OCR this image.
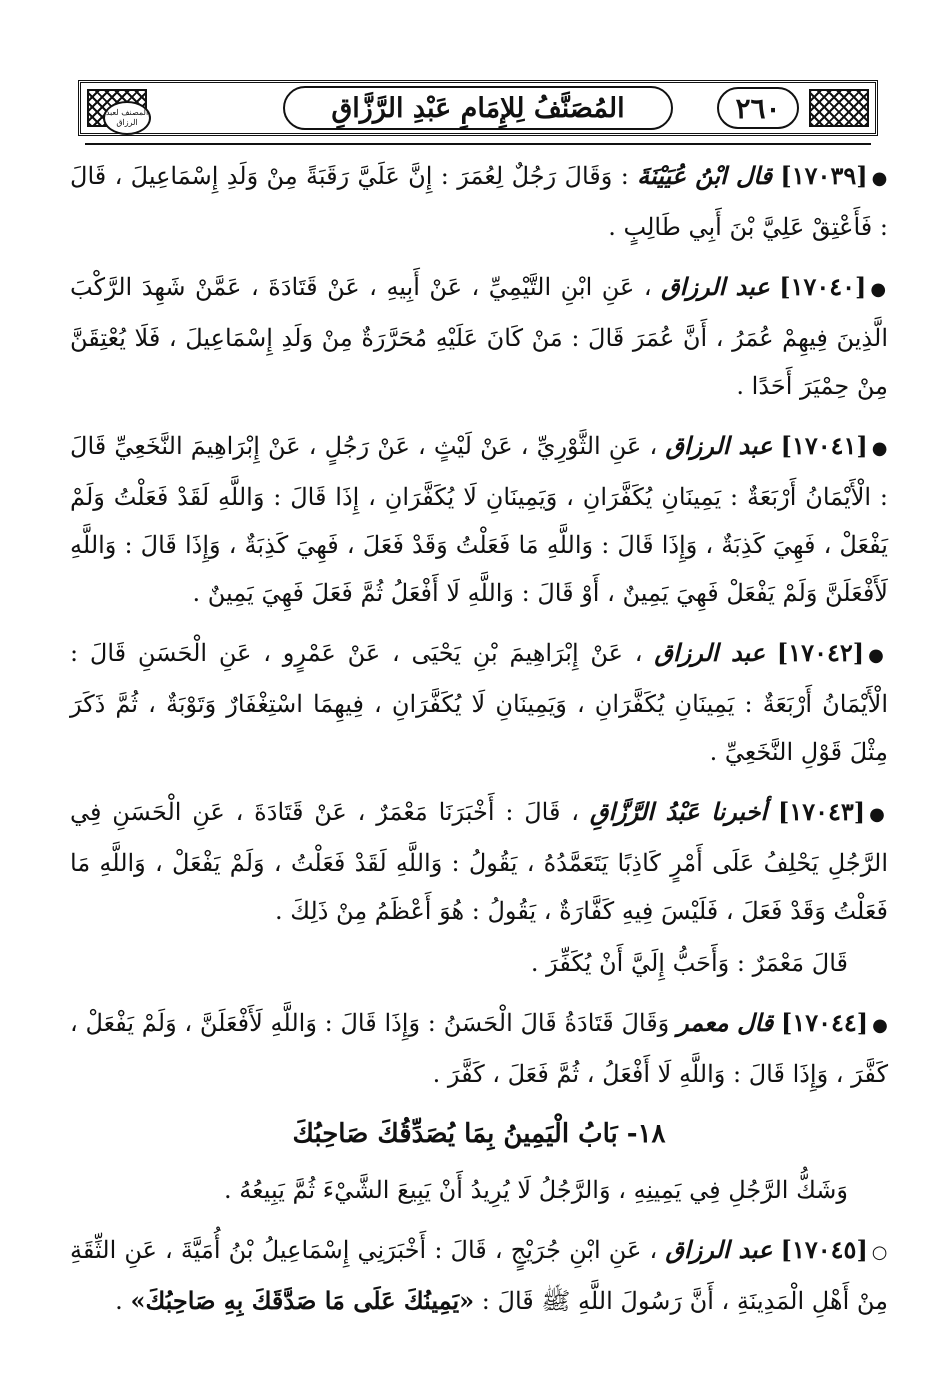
المصنف لعبد الرزاق	المُصَنَّفُ لِلإِمَامِ عَبْدِ الرَّزَّاقِ	٢٦٠

●[١٧٠٣٩] قال ابْنُ عُيَيْنَةَ : وَقَالَ رَجُلٌ لِعُمَرَ : إِنَّ عَلَيَّ رَقَبَةً مِنْ وَلَدِ إِسْمَاعِيلَ ، قَالَ : فَأَعْتِقْ عَلِيَّ بْنَ أَبِي طَالِبٍ .

●[١٧٠٤٠] عبد الرزاق ، عَنِ ابْنِ التَّيْمِيِّ ، عَنْ أَبِيهِ ، عَنْ قَتَادَةَ ، عَمَّنْ شَهِدَ الرَّكْبَ الَّذِينَ فِيهِمْ عُمَرُ ، أَنَّ عُمَرَ قَالَ : مَنْ كَانَ عَلَيْهِ مُحَرَّرَةٌ مِنْ وَلَدِ إِسْمَاعِيلَ ، فَلَا يُعْتِقَنَّ مِنْ حِمْيَرَ أَحَدًا .

●[١٧٠٤١] عبد الرزاق ، عَنِ الثَّوْرِيِّ ، عَنْ لَيْثٍ ، عَنْ رَجُلٍ ، عَنْ إِبْرَاهِيمَ النَّخَعِيِّ قَالَ : الْأَيْمَانُ أَرْبَعَةٌ : يَمِينَانِ يُكَفَّرَانِ ، وَيَمِينَانِ لَا يُكَفَّرَانِ ، إِذَا قَالَ : وَاللَّهِ لَقَدْ فَعَلْتُ وَلَمْ يَفْعَلْ ، فَهِيَ كَذِبَةٌ ، وَإِذَا قَالَ : وَاللَّهِ مَا فَعَلْتُ وَقَدْ فَعَلَ ، فَهِيَ كَذِبَةٌ ، وَإِذَا قَالَ : وَاللَّهِ لَأَفْعَلَنَّ وَلَمْ يَفْعَلْ فَهِيَ يَمِينٌ ، أَوْ قَالَ : وَاللَّهِ لَا أَفْعَلُ ثُمَّ فَعَلَ فَهِيَ يَمِينٌ .

●[١٧٠٤٢] عبد الرزاق ، عَنْ إِبْرَاهِيمَ بْنِ يَحْيَى ، عَنْ عَمْرٍو ، عَنِ الْحَسَنِ قَالَ : الْأَيْمَانُ أَرْبَعَةٌ : يَمِينَانِ يُكَفَّرَانِ ، وَيَمِينَانِ لَا يُكَفَّرَانِ ، فِيهِمَا اسْتِغْفَارٌ وَتَوْبَةٌ ، ثُمَّ ذَكَرَ مِثْلَ قَوْلِ النَّخَعِيِّ .

●[١٧٠٤٣] أخبرنا عَبْدُ الرَّزَّاقِ ، قَالَ : أَخْبَرَنَا مَعْمَرٌ ، عَنْ قَتَادَةَ ، عَنِ الْحَسَنِ فِي الرَّجُلِ يَحْلِفُ عَلَى أَمْرٍ كَاذِبًا يَتَعَمَّدُهُ ، يَقُولُ : وَاللَّهِ لَقَدْ فَعَلْتُ ، وَلَمْ يَفْعَلْ ، وَاللَّهِ مَا فَعَلْتُ وَقَدْ فَعَلَ ، فَلَيْسَ فِيهِ كَفَّارَةٌ ، يَقُولُ : هُوَ أَعْظَمُ مِنْ ذَلِكَ .

قَالَ مَعْمَرٌ : وَأَحَبُّ إِلَيَّ أَنْ يُكَفِّرَ .

●[١٧٠٤٤] قال معمر وَقَالَ قَتَادَةُ قَالَ الْحَسَنُ : وَإِذَا قَالَ : وَاللَّهِ لَأَفْعَلَنَّ ، وَلَمْ يَفْعَلْ ، كَفَّرَ ، وَإِذَا قَالَ : وَاللَّهِ لَا أَفْعَلُ ، ثُمَّ فَعَلَ ، كَفَّرَ .

١٨- بَابُ الْيَمِينُ بِمَا يُصَدِّقُكَ صَاحِبُكَ

وَشَكُّ الرَّجُلِ فِي يَمِينِهِ ، وَالرَّجُلُ لَا يُرِيدُ أَنْ يَبِيعَ الشَّيْءَ ثُمَّ يَبِيعُهُ .

○[١٧٠٤٥] عبد الرزاق ، عَنِ ابْنِ جُرَيْجٍ ، قَالَ : أَخْبَرَنِي إِسْمَاعِيلُ بْنُ أُمَيَّةَ ، عَنِ الثِّقَةِ مِنْ أَهْلِ الْمَدِينَةِ ، أَنَّ رَسُولَ اللَّهِ ﷺ قَالَ : «يَمِينُكَ عَلَى مَا صَدَّقَكَ بِهِ صَاحِبُكَ» .
